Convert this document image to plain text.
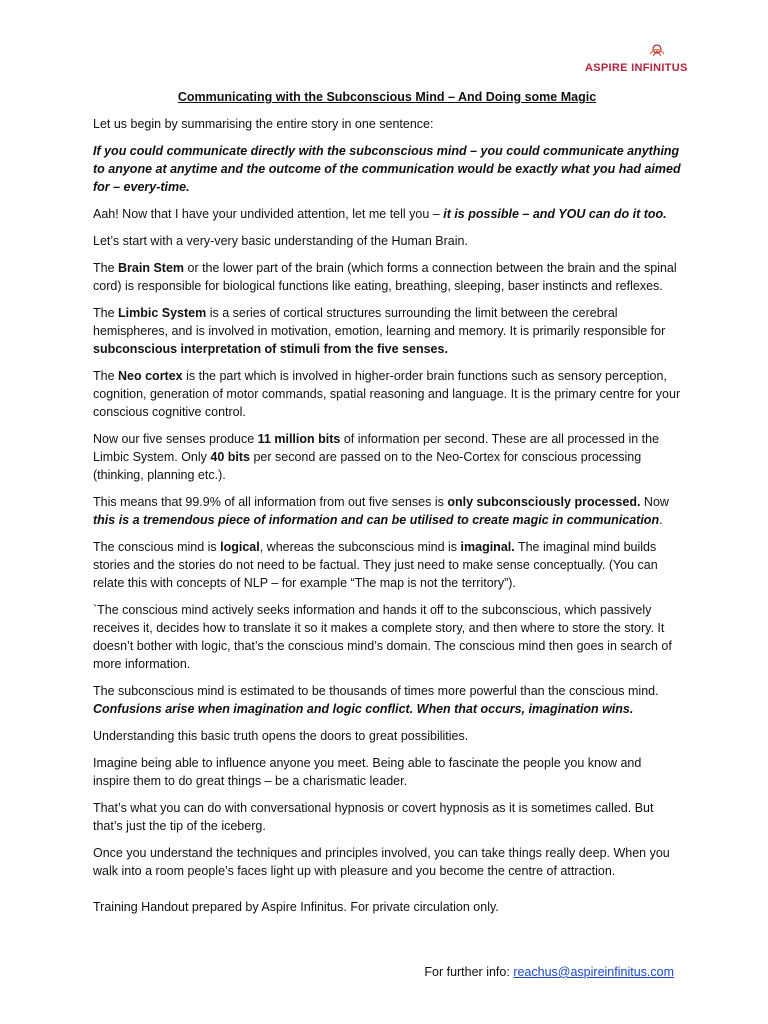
ASPIRE INFINITUS

Communicating with the Subconscious Mind – And Doing some Magic

Let us begin by summarising the entire story in one sentence:

If you could communicate directly with the subconscious mind – you could communicate anything to anyone at anytime and the outcome of the communication would be exactly what you had aimed for – every-time.

Aah! Now that I have your undivided attention, let me tell you – it is possible – and YOU can do it too.

Let’s start with a very-very basic understanding of the Human Brain.

The Brain Stem or the lower part of the brain (which forms a connection between the brain and the spinal cord) is responsible for biological functions like eating, breathing, sleeping, baser instincts and reflexes.

The Limbic System is a series of cortical structures surrounding the limit between the cerebral hemispheres, and is involved in motivation, emotion, learning and memory. It is primarily responsible for subconscious interpretation of stimuli from the five senses.

The Neo cortex is the part which is involved in higher-order brain functions such as sensory perception, cognition, generation of motor commands, spatial reasoning and language. It is the primary centre for your conscious cognitive control.

Now our five senses produce 11 million bits of information per second. These are all processed in the Limbic System. Only 40 bits per second are passed on to the Neo-Cortex for conscious processing (thinking, planning etc.).

This means that 99.9% of all information from out five senses is only subconsciously processed. Now this is a tremendous piece of information and can be utilised to create magic in communication.

The conscious mind is logical, whereas the subconscious mind is imaginal. The imaginal mind builds stories and the stories do not need to be factual. They just need to make sense conceptually. (You can relate this with concepts of NLP – for example “The map is not the territory”).

`The conscious mind actively seeks information and hands it off to the subconscious, which passively receives it, decides how to translate it so it makes a complete story, and then where to store the story. It doesn’t bother with logic, that’s the conscious mind’s domain. The conscious mind then goes in search of more information.

The subconscious mind is estimated to be thousands of times more powerful than the conscious mind. Confusions arise when imagination and logic conflict. When that occurs, imagination wins.

Understanding this basic truth opens the doors to great possibilities.

Imagine being able to influence anyone you meet. Being able to fascinate the people you know and inspire them to do great things – be a charismatic leader.

That’s what you can do with conversational hypnosis or covert hypnosis as it is sometimes called. But that’s just the tip of the iceberg.

Once you understand the techniques and principles involved, you can take things really deep. When you walk into a room people’s faces light up with pleasure and you become the centre of attraction.

Training Handout prepared by Aspire Infinitus. For private circulation only.

For further info: reachus@aspireinfinitus.com
